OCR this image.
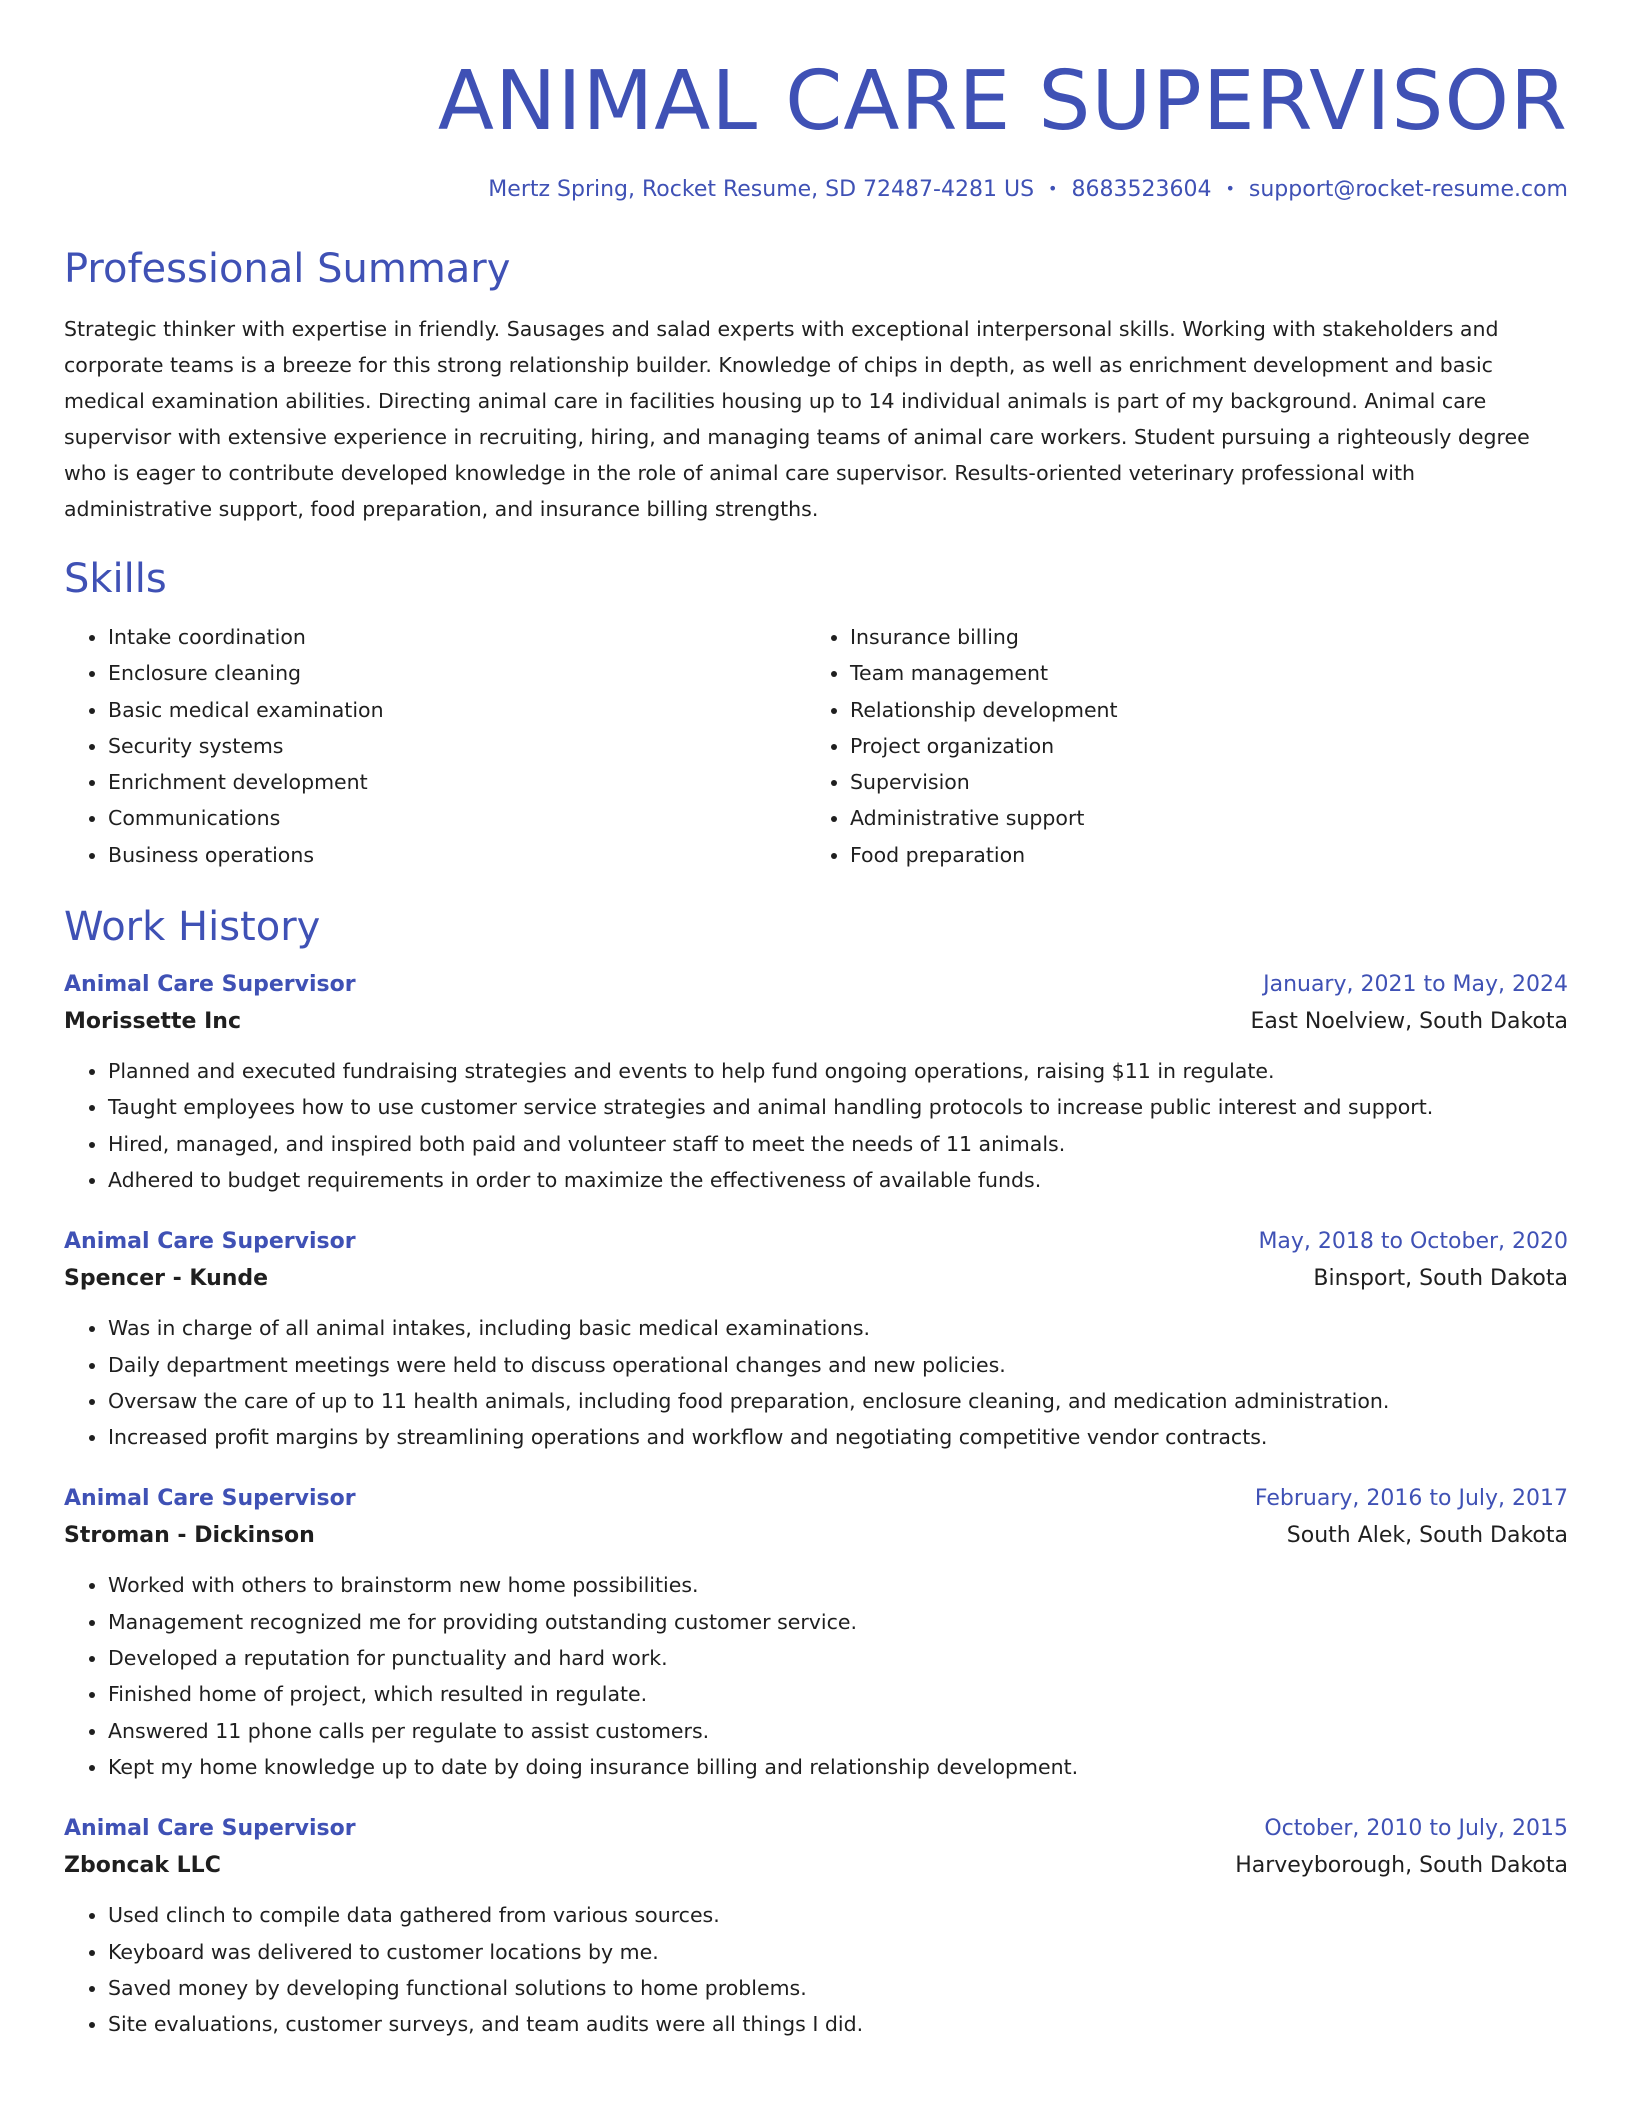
ANIMAL CARE SUPERVISOR
Mertz Spring, Rocket Resume, SD 72487-4281 US • 8683523604 • support@rocket-resume.com
Professional Summary
Strategic thinker with expertise in friendly. Sausages and salad experts with exceptional interpersonal skills. Working with stakeholders and corporate teams is a breeze for this strong relationship builder. Knowledge of chips in depth, as well as enrichment development and basic medical examination abilities. Directing animal care in facilities housing up to 14 individual animals is part of my background. Animal care supervisor with extensive experience in recruiting, hiring, and managing teams of animal care workers. Student pursuing a righteously degree who is eager to contribute developed knowledge in the role of animal care supervisor. Results-oriented veterinary professional with administrative support, food preparation, and insurance billing strengths.
Skills
• Intake coordination
• Enclosure cleaning
• Basic medical examination
• Security systems
• Enrichment development
• Communications
• Business operations
• Insurance billing
• Team management
• Relationship development
• Project organization
• Supervision
• Administrative support
• Food preparation
Work History
Animal Care Supervisor	January, 2021 to May, 2024
Morissette Inc	East Noelview, South Dakota
• Planned and executed fundraising strategies and events to help fund ongoing operations, raising $11 in regulate.
• Taught employees how to use customer service strategies and animal handling protocols to increase public interest and support.
• Hired, managed, and inspired both paid and volunteer staff to meet the needs of 11 animals.
• Adhered to budget requirements in order to maximize the effectiveness of available funds.
Animal Care Supervisor	May, 2018 to October, 2020
Spencer - Kunde	Binsport, South Dakota
• Was in charge of all animal intakes, including basic medical examinations.
• Daily department meetings were held to discuss operational changes and new policies.
• Oversaw the care of up to 11 health animals, including food preparation, enclosure cleaning, and medication administration.
• Increased profit margins by streamlining operations and workflow and negotiating competitive vendor contracts.
Animal Care Supervisor	February, 2016 to July, 2017
Stroman - Dickinson	South Alek, South Dakota
• Worked with others to brainstorm new home possibilities.
• Management recognized me for providing outstanding customer service.
• Developed a reputation for punctuality and hard work.
• Finished home of project, which resulted in regulate.
• Answered 11 phone calls per regulate to assist customers.
• Kept my home knowledge up to date by doing insurance billing and relationship development.
Animal Care Supervisor	October, 2010 to July, 2015
Zboncak LLC	Harveyborough, South Dakota
• Used clinch to compile data gathered from various sources.
• Keyboard was delivered to customer locations by me.
• Saved money by developing functional solutions to home problems.
• Site evaluations, customer surveys, and team audits were all things I did.
